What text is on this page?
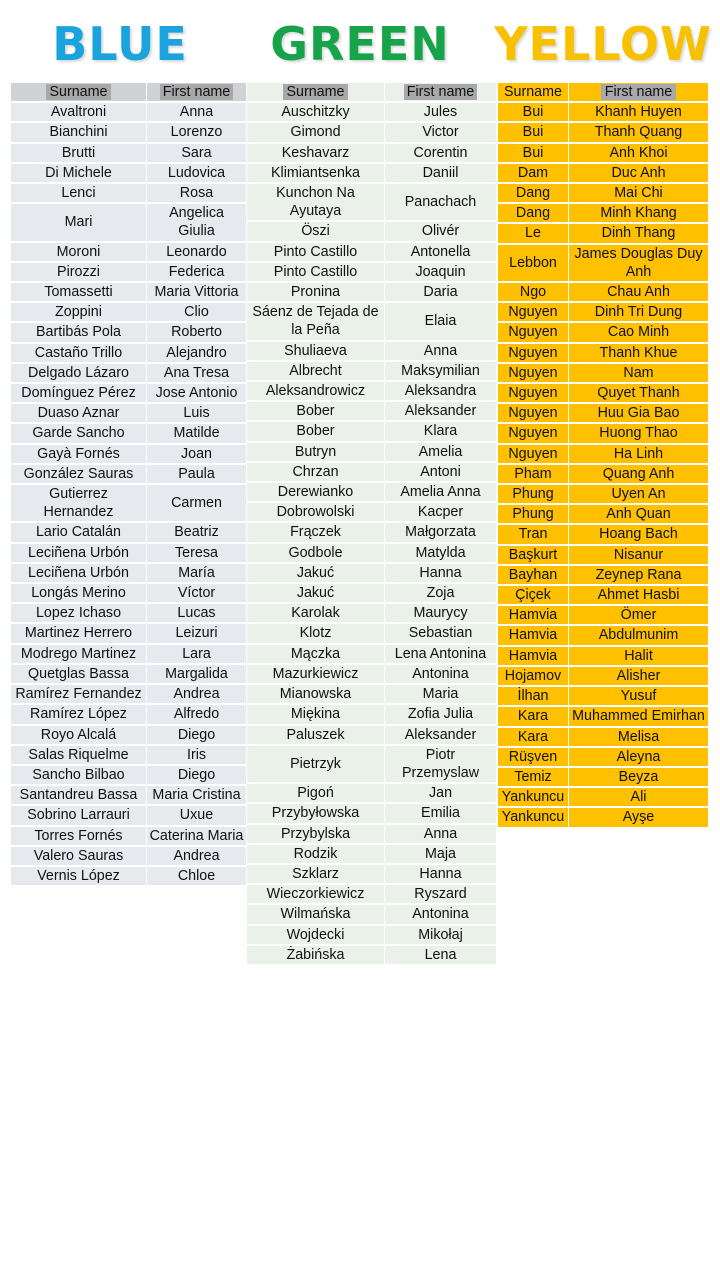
BLUE	GREEN YELLOW
Surname	First name
Avaltroni	Anna
Bianchini	Lorenzo
Brutti	Sara
Di Michele	Ludovica
Lenci	Rosa
Mari	Angelica Giulia
Moroni	Leonardo
Pirozzi	Federica
Tomassetti	Maria Vittoria
Zoppini	Clio
Bartibás Pola	Roberto
Castaño Trillo	Alejandro
Delgado Lázaro	Ana Tresa
Domínguez Pérez	Jose Antonio
Duaso Aznar	Luis
Garde Sancho	Matilde
Gayà Fornés	Joan
González Sauras	Paula
Gutierrez Hernandez	Carmen
Lario Catalán	Beatriz
Leciñena Urbón	Teresa
Leciñena Urbón	María
Longás Merino	Víctor
Lopez Ichaso	Lucas
Martinez Herrero	Leizuri
Modrego Martinez	Lara
Quetglas Bassa	Margalida
Ramírez Fernandez	Andrea
Ramírez López	Alfredo
Royo Alcalá	Diego
Salas Riquelme	Iris
Sancho Bilbao	Diego
Santandreu Bassa	Maria Cristina
Sobrino Larrauri	Uxue
Torres Fornés	Caterina Maria
Valero Sauras	Andrea
Vernis López	Chloe
Surname	First name
Auschitzky	Jules
Gimond	Victor
Keshavarz	Corentin
Klimiantsenka	Daniil
Kunchon Na Ayutaya	Panachach
Öszi	Olivér
Pinto Castillo	Antonella
Pinto Castillo	Joaquin
Pronina	Daria
Sáenz de Tejada de la Peña	Elaia
Shuliaeva	Anna
Albrecht	Maksymilian
Aleksandrowicz	Aleksandra
Bober	Aleksander
Bober	Klara
Butryn	Amelia
Chrzan	Antoni
Derewianko	Amelia Anna
Dobrowolski	Kacper
Frączek	Małgorzata
Godbole	Matylda
Jakuć	Hanna
Jakuć	Zoja
Karolak	Maurycy
Klotz	Sebastian
Mączka	Lena Antonina
Mazurkiewicz	Antonina
Mianowska	Maria
Miękina	Zofia Julia
Paluszek	Aleksander
Pietrzyk	Piotr Przemyslaw
Pigoń	Jan
Przybyłowska	Emilia
Przybylska	Anna
Rodzik	Maja
Szklarz	Hanna
Wieczorkiewicz	Ryszard
Wilmańska	Antonina
Wojdecki	Mikołaj
Żabińska	Lena
Surname	First name
Bui	Khanh Huyen
Bui	Thanh Quang
Bui	Anh Khoi
Dam	Duc Anh
Dang	Mai Chi
Dang	Minh Khang
Le	Dinh Thang
Lebbon	James Douglas Duy Anh
Ngo	Chau Anh
Nguyen	Dinh Tri Dung
Nguyen	Cao Minh
Nguyen	Thanh Khue
Nguyen	Nam
Nguyen	Quyet Thanh
Nguyen	Huu Gia Bao
Nguyen	Huong Thao
Nguyen	Ha Linh
Pham	Quang Anh
Phung	Uyen An
Phung	Anh Quan
Tran	Hoang Bach
Başkurt	Nisanur
Bayhan	Zeynep Rana
Çiçek	Ahmet Hasbi
Hamvia	Ömer
Hamvia	Abdulmunim
Hamvia	Halit
Hojamov	Alisher
İlhan	Yusuf
Kara	Muhammed Emirhan
Kara	Melisa
Rüşven	Aleyna
Temiz	Beyza
Yankuncu	Ali
Yankuncu	Ayşe
